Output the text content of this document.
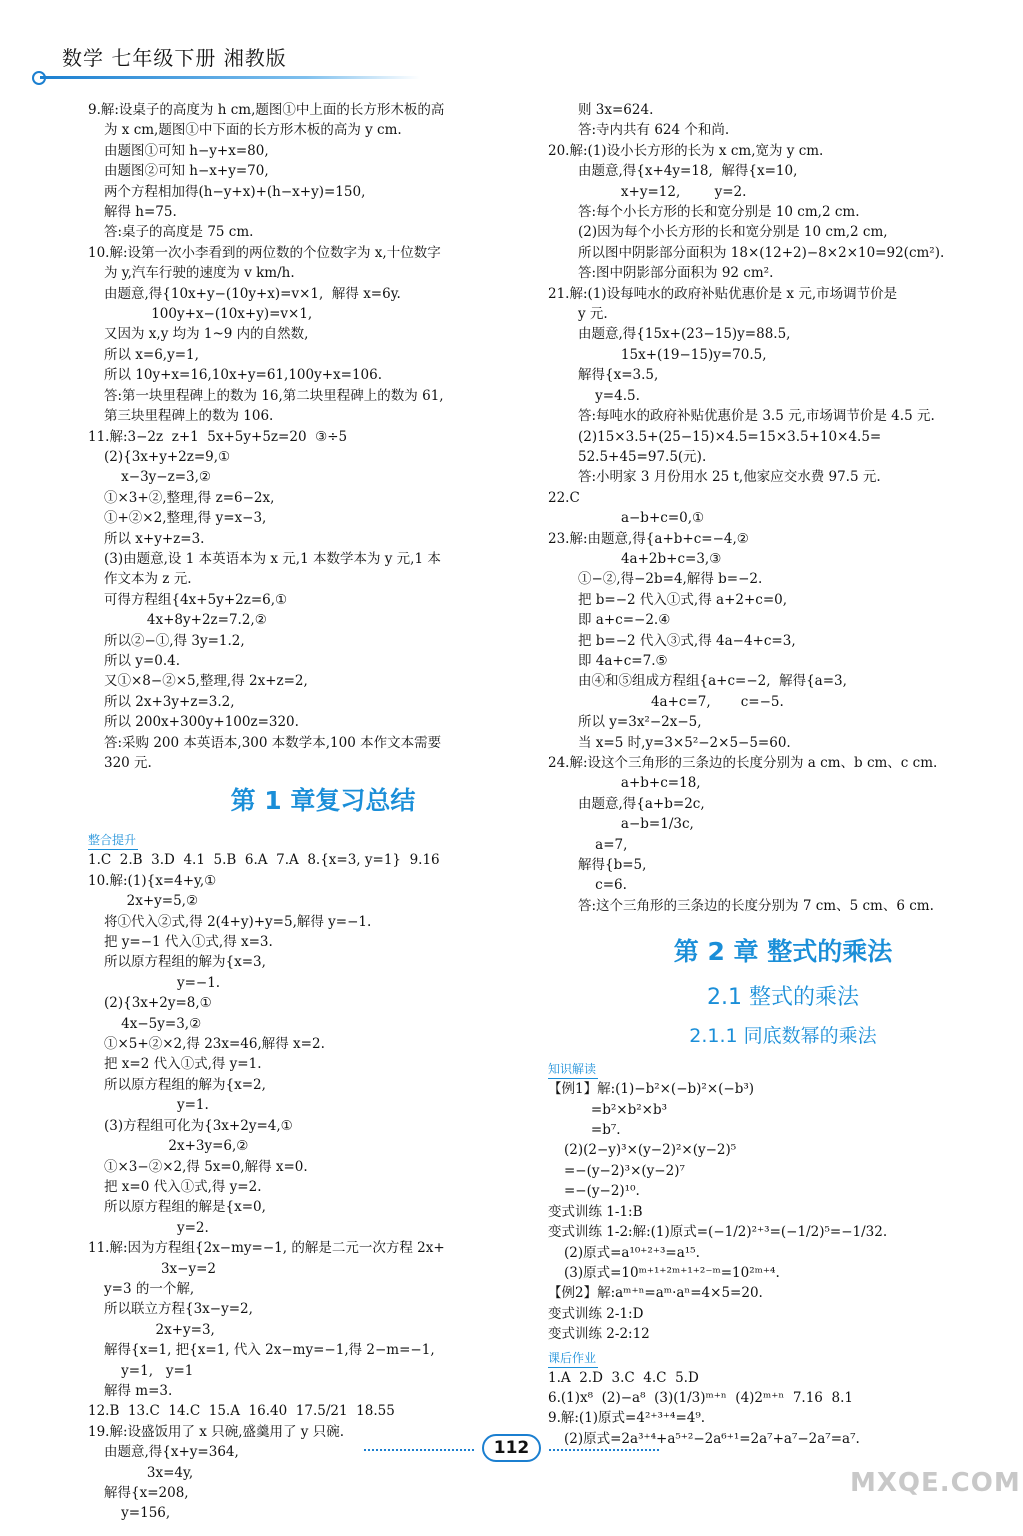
数学 七年级下册 湘教版
9.解:设桌子的高度为 h cm,题图①中上面的长方形木板的高
为 x cm,题图①中下面的长方形木板的高为 y cm.
由题图①可知 h−y+x=80,
由题图②可知 h−x+y=70,
两个方程相加得(h−y+x)+(h−x+y)=150,
解得 h=75.
答:桌子的高度是 75 cm.
10.解:设第一次小李看到的两位数的个位数字为 x,十位数字
为 y,汽车行驶的速度为 v km/h.
由题意,得{10x+y−(10y+x)=v×1,  解得 x=6y.
100y+x−(10x+y)=v×1,
又因为 x,y 均为 1~9 内的自然数,
所以 x=6,y=1,
所以 10y+x=16,10x+y=61,100y+x=106.
答:第一块里程碑上的数为 16,第二块里程碑上的数为 61,
第三块里程碑上的数为 106.
11.解:3−2z  z+1  5x+5y+5z=20  ③÷5
(2){3x+y+2z=9,①
x−3y−z=3,②
①×3+②,整理,得 z=6−2x,
①+②×2,整理,得 y=x−3,
所以 x+y+z=3.
(3)由题意,设 1 本英语本为 x 元,1 本数学本为 y 元,1 本
作文本为 z 元.
可得方程组{4x+5y+2z=6,①
4x+8y+2z=7.2,②
所以②−①,得 3y=1.2,
所以 y=0.4.
又①×8−②×5,整理,得 2x+z=2,
所以 2x+3y+z=3.2,
所以 200x+300y+100z=320.
答:采购 200 本英语本,300 本数学本,100 本作文本需要
320 元.
第 1 章复习总结
整合提升
1.C  2.B  3.D  4.1  5.B  6.A  7.A  8.{x=3, y=1}  9.16
10.解:(1){x=4+y,①
2x+y=5,②
将①代入②式,得 2(4+y)+y=5,解得 y=−1.
把 y=−1 代入①式,得 x=3.
所以原方程组的解为{x=3,
y=−1.
(2){3x+2y=8,①
4x−5y=3,②
①×5+②×2,得 23x=46,解得 x=2.
把 x=2 代入①式,得 y=1.
所以原方程组的解为{x=2,
y=1.
(3)方程组可化为{3x+2y=4,①
2x+3y=6,②
①×3−②×2,得 5x=0,解得 x=0.
把 x=0 代入①式,得 y=2.
所以原方程组的解是{x=0,
y=2.
11.解:因为方程组{2x−my=−1, 的解是二元一次方程 2x+
3x−y=2
y=3 的一个解,
所以联立方程{3x−y=2,
2x+y=3,
解得{x=1, 把{x=1, 代入 2x−my=−1,得 2−m=−1,
y=1,   y=1
解得 m=3.
12.B  13.C  14.C  15.A  16.40  17.5/21  18.55
19.解:设盛饭用了 x 只碗,盛羹用了 y 只碗.
由题意,得{x+y=364,
3x=4y,
解得{x=208,
y=156,
则 3x=624.
答:寺内共有 624 个和尚.
20.解:(1)设小长方形的长为 x cm,宽为 y cm.
由题意,得{x+4y=18,  解得{x=10,
x+y=12,        y=2.
答:每个小长方形的长和宽分别是 10 cm,2 cm.
(2)因为每个小长方形的长和宽分别是 10 cm,2 cm,
所以图中阴影部分面积为 18×(12+2)−8×2×10=92(cm²).
答:图中阴影部分面积为 92 cm².
21.解:(1)设每吨水的政府补贴优惠价是 x 元,市场调节价是
y 元.
由题意,得{15x+(23−15)y=88.5,
15x+(19−15)y=70.5,
解得{x=3.5,
y=4.5.
答:每吨水的政府补贴优惠价是 3.5 元,市场调节价是 4.5 元.
(2)15×3.5+(25−15)×4.5=15×3.5+10×4.5=
52.5+45=97.5(元).
答:小明家 3 月份用水 25 t,他家应交水费 97.5 元.
22.C
a−b+c=0,①
23.解:由题意,得{a+b+c=−4,②
4a+2b+c=3,③
①−②,得−2b=4,解得 b=−2.
把 b=−2 代入①式,得 a+2+c=0,
即 a+c=−2.④
把 b=−2 代入③式,得 4a−4+c=3,
即 4a+c=7.⑤
由④和⑤组成方程组{a+c=−2,  解得{a=3,
4a+c=7,       c=−5.
所以 y=3x²−2x−5,
当 x=5 时,y=3×5²−2×5−5=60.
24.解:设这个三角形的三条边的长度分别为 a cm、b cm、c cm.
a+b+c=18,
由题意,得{a+b=2c,
a−b=1/3c,
a=7,
解得{b=5,
c=6.
答:这个三角形的三条边的长度分别为 7 cm、5 cm、6 cm.
第 2 章 整式的乘法
2.1 整式的乘法
2.1.1 同底数幂的乘法
知识解读
【例1】解:(1)−b²×(−b)²×(−b³)
=b²×b²×b³
=b⁷.
(2)(2−y)³×(y−2)²×(y−2)⁵
=−(y−2)³×(y−2)⁷
=−(y−2)¹⁰.
变式训练 1-1:B
变式训练 1-2:解:(1)原式=(−1/2)²⁺³=(−1/2)⁵=−1/32.
(2)原式=a¹⁰⁺²⁺³=a¹⁵.
(3)原式=10ᵐ⁺¹⁺²ᵐ⁺¹⁺²⁻ᵐ=10²ᵐ⁺⁴.
【例2】解:aᵐ⁺ⁿ=aᵐ·aⁿ=4×5=20.
变式训练 2-1:D
变式训练 2-2:12
课后作业
1.A  2.D  3.C  4.C  5.D
6.(1)x⁸  (2)−a⁸  (3)(1/3)ᵐ⁺ⁿ  (4)2ᵐ⁺ⁿ  7.16  8.1
9.解:(1)原式=4²⁺³⁺⁴=4⁹.
(2)原式=2a³⁺⁴+a⁵⁺²−2a⁶⁺¹=2a⁷+a⁷−2a⁷=a⁷.
112
MXQE.COM
